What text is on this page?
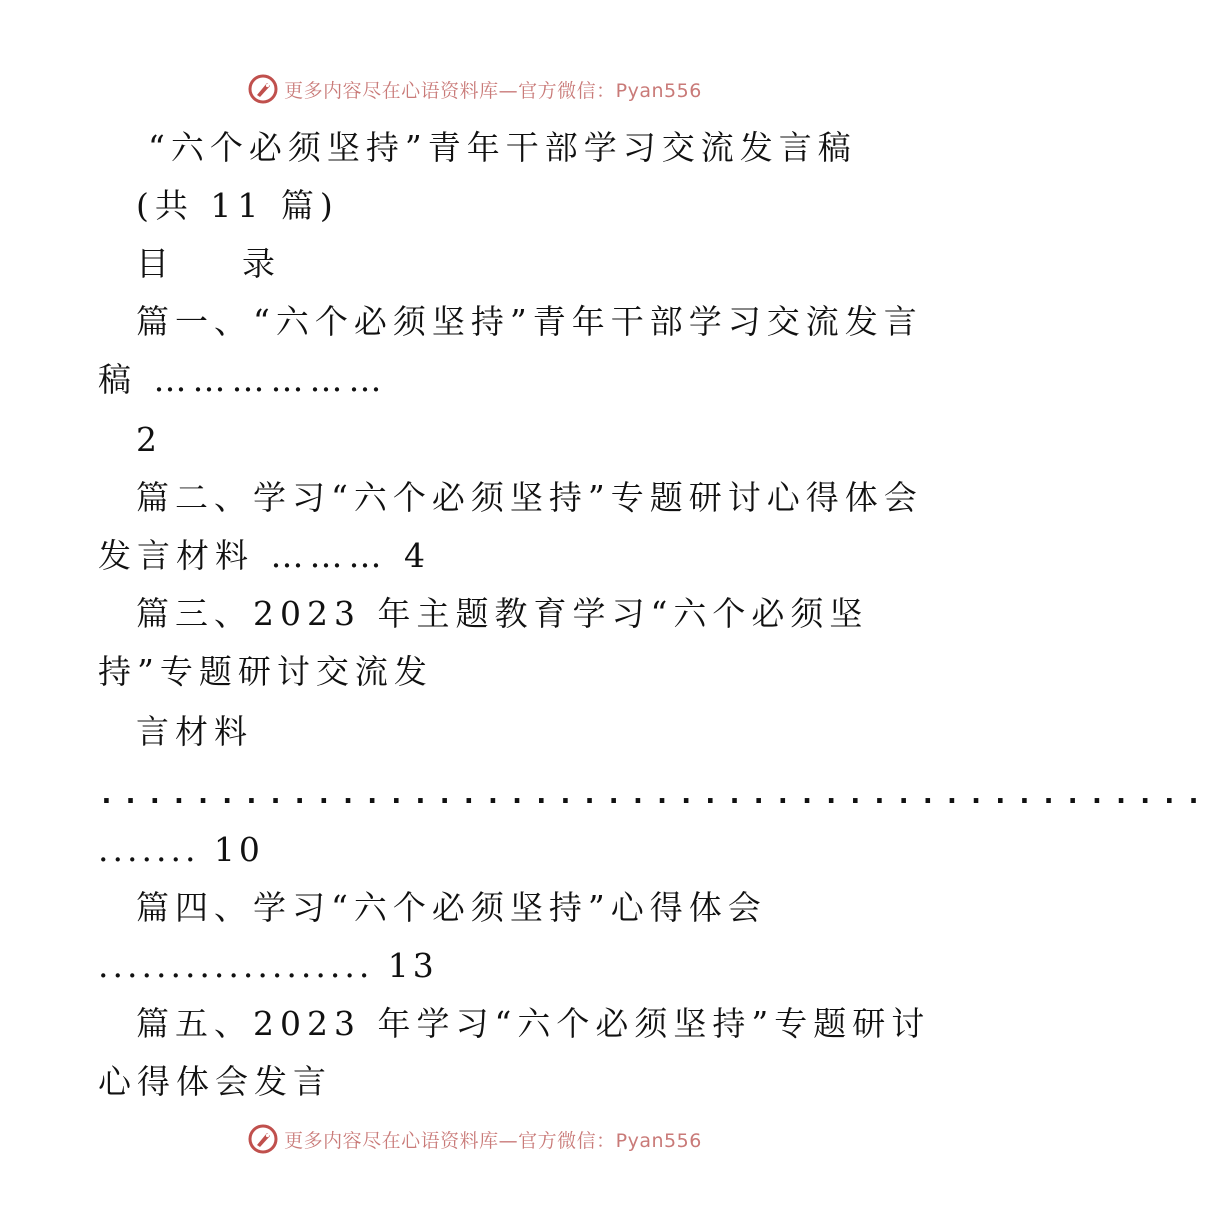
更多内容尽在心语资料库—官方微信：Pyan556
“六个必须坚持”青年干部学习交流发言稿
(共 11 篇)
目　录
篇一、“六个必须坚持”青年干部学习交流发言
稿 ………………
2
篇二、学习“六个必须坚持”专题研讨心得体会
发言材料 ……… 4
篇三、2023 年主题教育学习“六个必须坚
持”专题研讨交流发
言材料
..............................................
....... 10
篇四、学习“六个必须坚持”心得体会
................... 13
篇五、2023 年学习“六个必须坚持”专题研讨
心得体会发言
更多内容尽在心语资料库—官方微信：Pyan556
